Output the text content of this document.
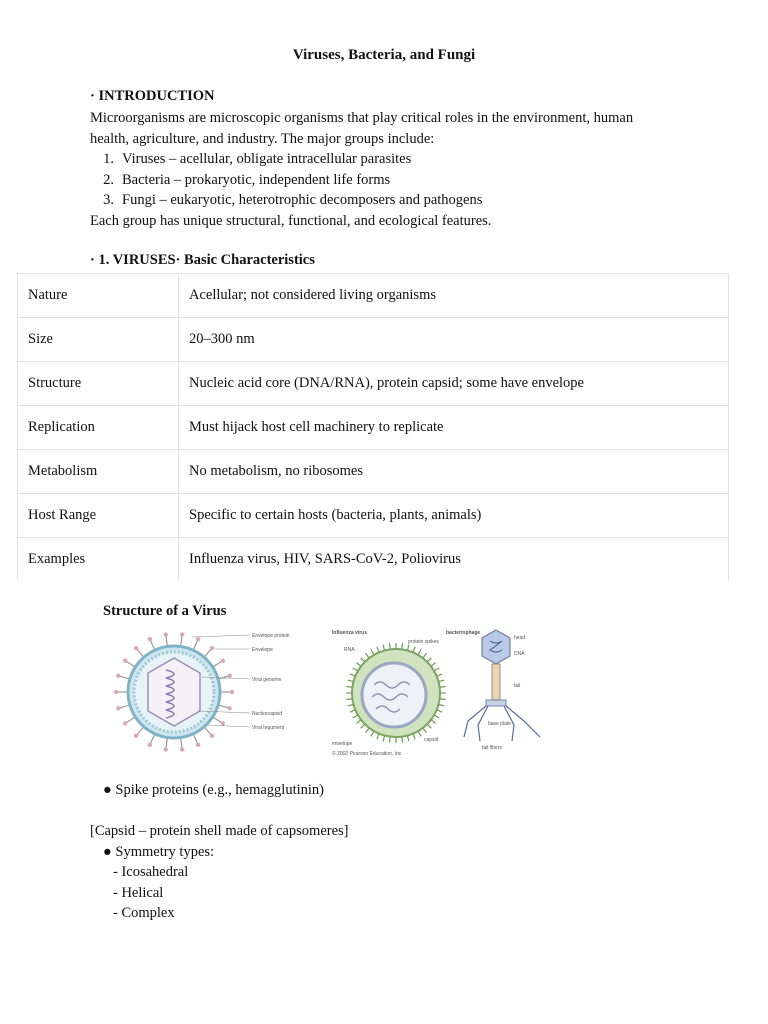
Viruses, Bacteria, and Fungi
· INTRODUCTION
Microorganisms are microscopic organisms that play critical roles in the environment, human
health, agriculture, and industry. The major groups include:
1. Viruses – acellular, obligate intracellular parasites
2. Bacteria – prokaryotic, independent life forms
3. Fungi – eukaryotic, heterotrophic decomposers and pathogens
Each group has unique structural, functional, and ecological features.
· 1. VIRUSES· Basic Characteristics
Nature	Acellular; not considered living organisms
Size	20–300 nm
Structure	Nucleic acid core (DNA/RNA), protein capsid; some have envelope
Replication	Must hijack host cell machinery to replicate
Metabolism	No metabolism, no ribosomes
Host Range	Specific to certain hosts (bacteria, plants, animals)
Examples	Influenza virus, HIV, SARS-CoV-2, Poliovirus
Structure of a Virus
Envelope protein
Envelope
Viral genome
Nucleocapsid
Viral tegument
Influenza virus	bacteriophage
RNA
protein spikes
capsid
envelope
© 2002 Pearson Education, Inc.
head
DNA
tail
base plate
tail fibers
● Spike proteins (e.g., hemagglutinin)
[Capsid – protein shell made of capsomeres]
● Symmetry types:
- Icosahedral
- Helical
- Complex
